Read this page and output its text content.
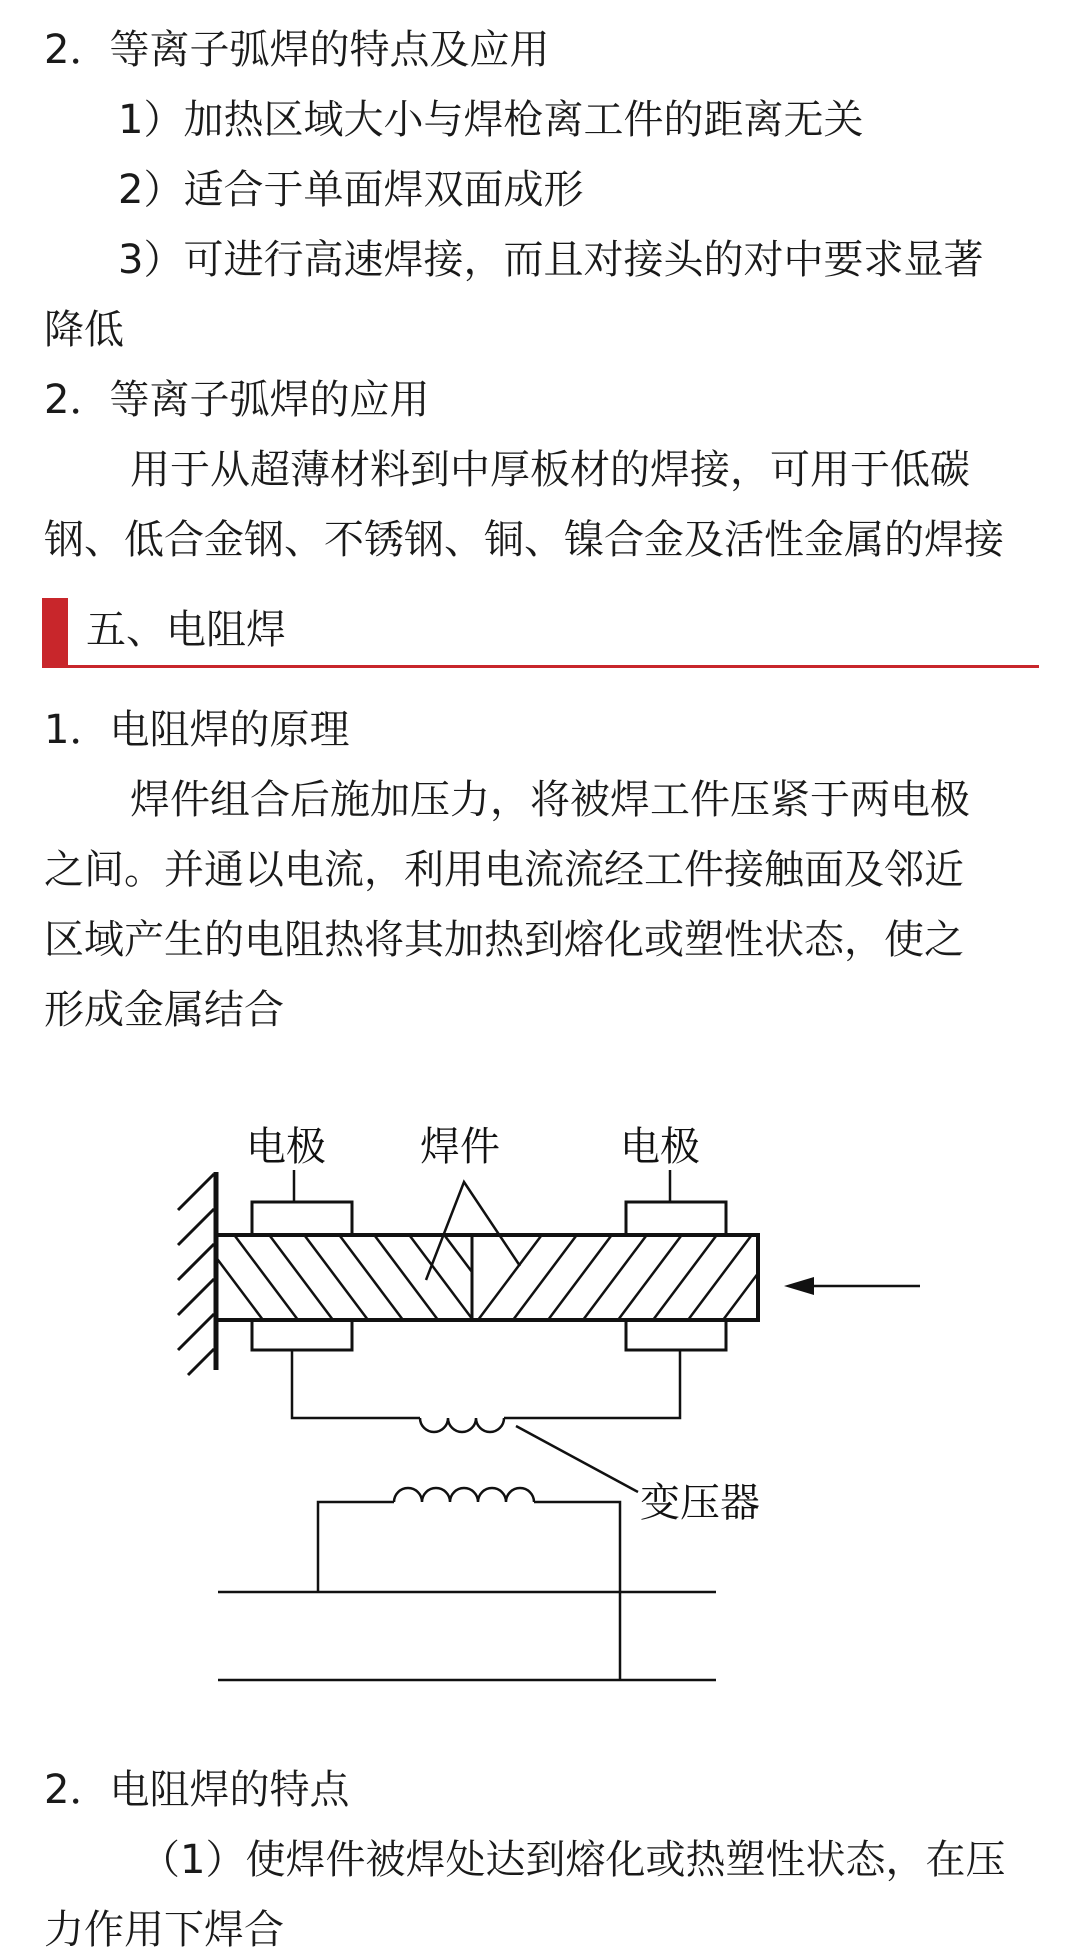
2．等离子弧焊的特点及应用
1）加热区域大小与焊枪离工件的距离无关
2）适合于单面焊双面成形
3）可进行高速焊接，而且对接头的对中要求显著
降低
2．等离子弧焊的应用
用于从超薄材料到中厚板材的焊接，可用于低碳
钢、低合金钢、不锈钢、铜、镍合金及活性金属的焊接
五、电阻焊
1．电阻焊的原理
焊件组合后施加压力，将被焊工件压紧于两电极
之间。并通以电流，利用电流流经工件接触面及邻近
区域产生的电阻热将其加热到熔化或塑性状态，使之
形成金属结合
电极 焊件	电极
变压器
2．电阻焊的特点
（1）使焊件被焊处达到熔化或热塑性状态，在压
力作用下焊合
